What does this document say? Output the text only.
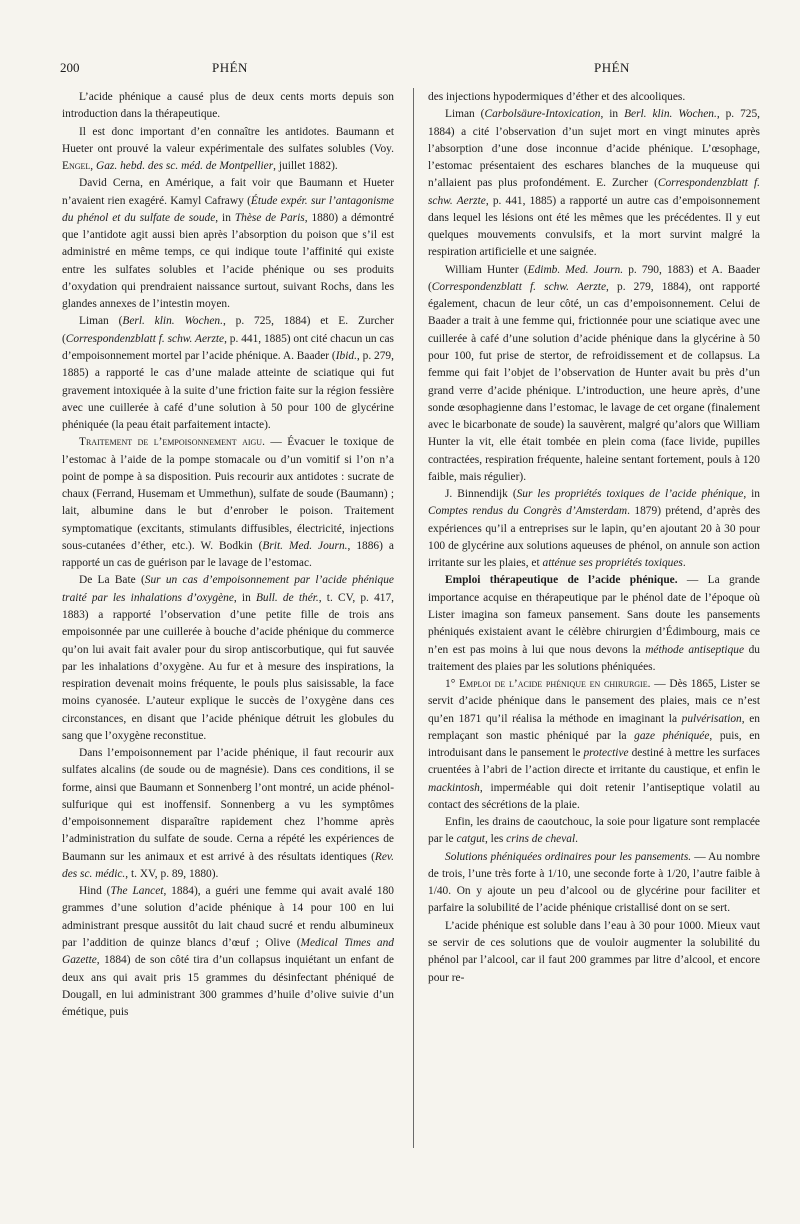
200	PHÉN	PHÉN

L’acide phénique a causé plus de deux cents morts depuis son introduction dans la thérapeutique.

Il est donc important d’en connaître les antidotes. Baumann et Hueter ont prouvé la valeur expérimentale des sulfates solubles (Voy. Engel, Gaz. hebd. des sc. méd. de Montpellier, juillet 1882).

David Cerna, en Amérique, a fait voir que Baumann et Hueter n’avaient rien exagéré. Kamyl Cafrawy (Étude expér. sur l’antagonisme du phénol et du sulfate de soude, in Thèse de Paris, 1880) a démontré que l’antidote agit aussi bien après l’absorption du poison que s’il est administré en même temps, ce qui indique toute l’affinité qui existe entre les sulfates solubles et l’acide phénique ou ses produits d’oxydation qui prendraient naissance surtout, suivant Rochs, dans les glandes annexes de l’intestin moyen.

Liman (Berl. klin. Wochen., p. 725, 1884) et E. Zurcher (Correspondenzblatt f. schw. Aerzte, p. 441, 1885) ont cité chacun un cas d’empoisonnement mortel par l’acide phénique. A. Baader (Ibid., p. 279, 1885) a rapporté le cas d’une malade atteinte de sciatique qui fut gravement intoxiquée à la suite d’une friction faite sur la région fessière avec une cuillerée à café d’une solution à 50 pour 100 de glycérine phéniquée (la peau était parfaitement intacte).

Traitement de l’empoisonnement aigu. — Évacuer le toxique de l’estomac à l’aide de la pompe stomacale ou d’un vomitif si l’on n’a point de pompe à sa disposition. Puis recourir aux antidotes : sucrate de chaux (Ferrand, Husemam et Ummethun), sulfate de soude (Baumann) ; lait, albumine dans le but d’enrober le poison. Traitement symptomatique (excitants, stimulants diffusibles, électricité, injections sous-cutanées d’éther, etc.). W. Bodkin (Brit. Med. Journ., 1886) a rapporté un cas de guérison par le lavage de l’estomac.

De La Bate (Sur un cas d’empoisonnement par l’acide phénique traité par les inhalations d’oxygène, in Bull. de thér., t. CV, p. 417, 1883) a rapporté l’observation d’une petite fille de trois ans empoisonnée par une cuillerée à bouche d’acide phénique du commerce qu’on lui avait fait avaler pour du sirop antiscorbutique, qui fut sauvée par les inhalations d’oxygène. Au fur et à mesure des inspirations, la respiration devenait moins fréquente, le pouls plus saisissable, la face moins cyanosée. L’auteur explique le succès de l’oxygène dans ces circonstances, en disant que l’acide phénique détruit les globules du sang que l’oxygène reconstitue.

Dans l’empoisonnement par l’acide phénique, il faut recourir aux sulfates alcalins (de soude ou de magnésie). Dans ces conditions, il se forme, ainsi que Baumann et Sonnenberg l’ont montré, un acide phénol-sulfurique qui est inoffensif. Sonnenberg a vu les symptômes d’empoisonnement disparaître rapidement chez l’homme après l’administration du sulfate de soude. Cerna a répété les expériences de Baumann sur les animaux et est arrivé à des résultats identiques (Rev. des sc. médic., t. XV, p. 89, 1880).

Hind (The Lancet, 1884), a guéri une femme qui avait avalé 180 grammes d’une solution d’acide phénique à 14 pour 100 en lui administrant presque aussitôt du lait chaud sucré et rendu albumineux par l’addition de quinze blancs d’œuf ; Olive (Medical Times and Gazette, 1884) de son côté tira d’un collapsus inquiétant un enfant de deux ans qui avait pris 15 grammes du désinfectant phéniqué de Dougall, en lui administrant 300 grammes d’huile d’olive suivie d’un émétique, puis

des injections hypodermiques d’éther et des alcooliques.

Liman (Carbolsäure-Intoxication, in Berl. klin. Wochen., p. 725, 1884) a cité l’observation d’un sujet mort en vingt minutes après l’absorption d’une dose inconnue d’acide phénique. L’œsophage, l’estomac présentaient des eschares blanches de la muqueuse qui n’allaient pas plus profondément. E. Zurcher (Correspondenzblatt f. schw. Aerzte, p. 441, 1885) a rapporté un autre cas d’empoisonnement dans lequel les lésions ont été les mêmes que les précédentes. Il y eut quelques mouvements convulsifs, et la mort survint malgré la respiration artificielle et une saignée.

William Hunter (Edimb. Med. Journ. p. 790, 1883) et A. Baader (Correspondenzblatt f. schw. Aerzte, p. 279, 1884), ont rapporté également, chacun de leur côté, un cas d’empoisonnement. Celui de Baader a trait à une femme qui, frictionnée pour une sciatique avec une cuillerée à café d’une solution d’acide phénique dans la glycérine à 50 pour 100, fut prise de stertor, de refroidissement et de collapsus. La femme qui fait l’objet de l’observation de Hunter avait bu près d’un grand verre d’acide phénique. L’introduction, une heure après, d’une sonde œsophagienne dans l’estomac, le lavage de cet organe (finalement avec le bicarbonate de soude) la sauvèrent, malgré qu’alors que William Hunter la vit, elle était tombée en plein coma (face livide, pupilles contractées, respiration fréquente, haleine sentant fortement, pouls à 120 faible, mais régulier).

J. Binnendijk (Sur les propriétés toxiques de l’acide phénique, in Comptes rendus du Congrès d’Amsterdam. 1879) prétend, d’après des expériences qu’il a entreprises sur le lapin, qu’en ajoutant 20 à 30 pour 100 de glycérine aux solutions aqueuses de phénol, on annule son action irritante sur les plaies, et atténue ses propriétés toxiques.

Emploi thérapeutique de l’acide phénique. — La grande importance acquise en thérapeutique par le phénol date de l’époque où Lister imagina son fameux pansement. Sans doute les pansements phéniqués existaient avant le célèbre chirurgien d’Édimbourg, mais ce n’en est pas moins à lui que nous devons la méthode antiseptique du traitement des plaies par les solutions phéniquées.

1° Emploi de l’acide phénique en chirurgie. — Dès 1865, Lister se servit d’acide phénique dans le pansement des plaies, mais ce n’est qu’en 1871 qu’il réalisa la méthode en imaginant la pulvérisation, en remplaçant son mastic phéniqué par la gaze phéniquée, puis, en introduisant dans le pansement le protective destiné à mettre les surfaces cruentées à l’abri de l’action directe et irritante du caustique, et enfin le mackintosh, imperméable qui doit retenir l’antiseptique volatil au contact des sécrétions de la plaie.

Enfin, les drains de caoutchouc, la soie pour ligature sont remplacée par le catgut, les crins de cheval.

Solutions phéniquées ordinaires pour les pansements. — Au nombre de trois, l’une très forte à 1/10, une seconde forte à 1/20, l’autre faible à 1/40. On y ajoute un peu d’alcool ou de glycérine pour faciliter et parfaire la solubilité de l’acide phénique cristallisé dont on se sert.

L’acide phénique est soluble dans l’eau à 30 pour 1000. Mieux vaut se servir de ces solutions que de vouloir augmenter la solubilité du phénol par l’alcool, car il faut 200 grammes par litre d’alcool, et encore pour re-
